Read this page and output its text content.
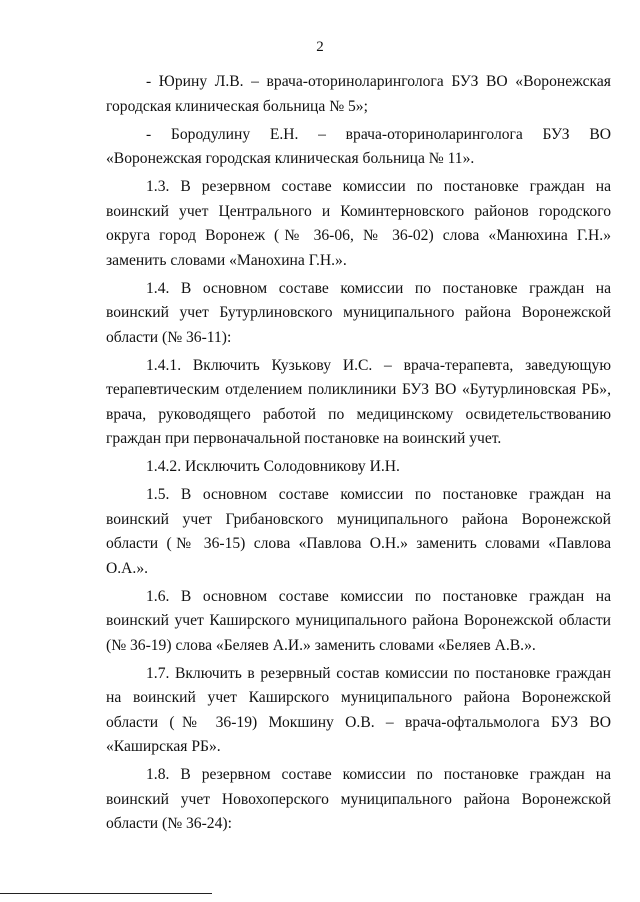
2

- Юрину Л.В. – врача-оториноларинголога БУЗ ВО «Воронежская городская клиническая больница № 5»;

- Бородулину Е.Н. – врача-оториноларинголога БУЗ ВО «Воронежская городская клиническая больница № 11».

1.3. В резервном составе комиссии по постановке граждан на воинский учет Центрального и Коминтерновского районов городского округа город Воронеж (№ 36-06, № 36-02) слова «Манюхина Г.Н.» заменить словами «Манохина Г.Н.».

1.4. В основном составе комиссии по постановке граждан на воинский учет Бутурлиновского муниципального района Воронежской области (№ 36-11):

1.4.1. Включить Кузькову И.С. – врача-терапевта, заведующую терапевтическим отделением поликлиники БУЗ ВО «Бутурлиновская РБ», врача, руководящего работой по медицинскому освидетельствованию граждан при первоначальной постановке на воинский учет.

1.4.2. Исключить Солодовникову И.Н.

1.5. В основном составе комиссии по постановке граждан на воинский учет Грибановского муниципального района Воронежской области (№ 36-15) слова «Павлова О.Н.» заменить словами «Павлова О.А.».

1.6. В основном составе комиссии по постановке граждан на воинский учет Каширского муниципального района Воронежской области (№ 36-19) слова «Беляев А.И.» заменить словами «Беляев А.В.».

1.7. Включить в резервный состав комиссии по постановке граждан на воинский учет Каширского муниципального района Воронежской области (№ 36-19) Мокшину О.В. – врача-офтальмолога БУЗ ВО «Каширская РБ».

1.8. В резервном составе комиссии по постановке граждан на воинский учет Новохоперского муниципального района Воронежской области (№ 36-24):
